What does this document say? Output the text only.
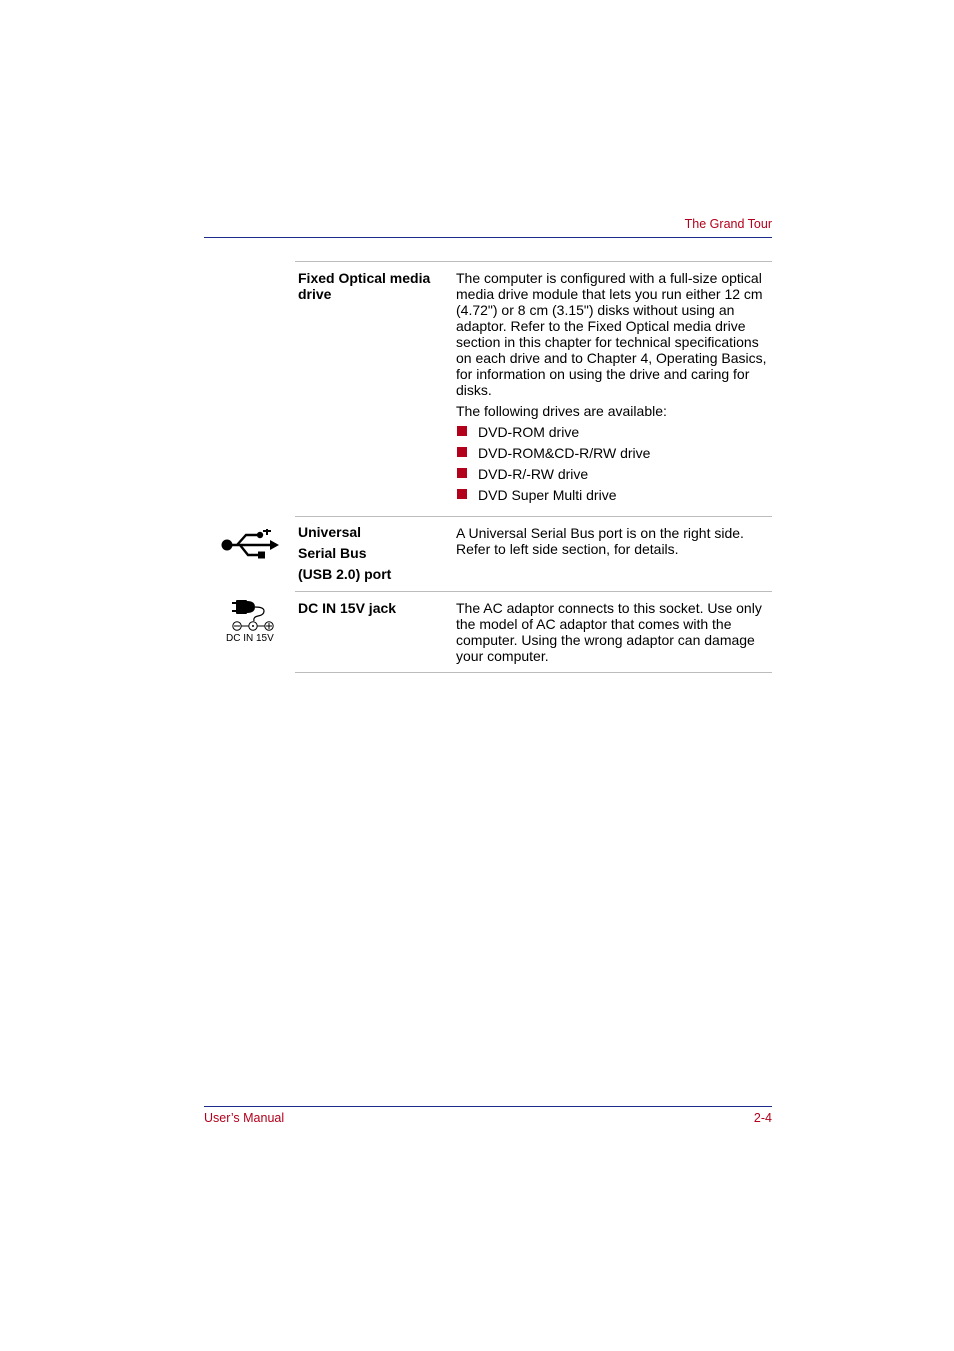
The Grand Tour
DC IN 15V
Fixed Optical media drive

The computer is configured with a full-size optical media drive module that lets you run either 12 cm (4.72") or 8 cm (3.15") disks without using an adaptor. Refer to the Fixed Optical media drive section in this chapter for technical specifications on each drive and to Chapter 4, Operating Basics, for information on using the drive and caring for disks.

The following drives are available:

DVD-ROM drive
DVD-ROM&CD-R/RW drive
DVD-R/-RW drive
DVD Super Multi drive
Universal
Serial Bus
(USB 2.0) port

A Universal Serial Bus port is on the right side. Refer to left side section, for details.

DC IN 15V jack	The AC adaptor connects to this socket. Use only the model of AC adaptor that comes with the computer. Using the wrong adaptor can damage your computer.

User’s Manual	2-4
